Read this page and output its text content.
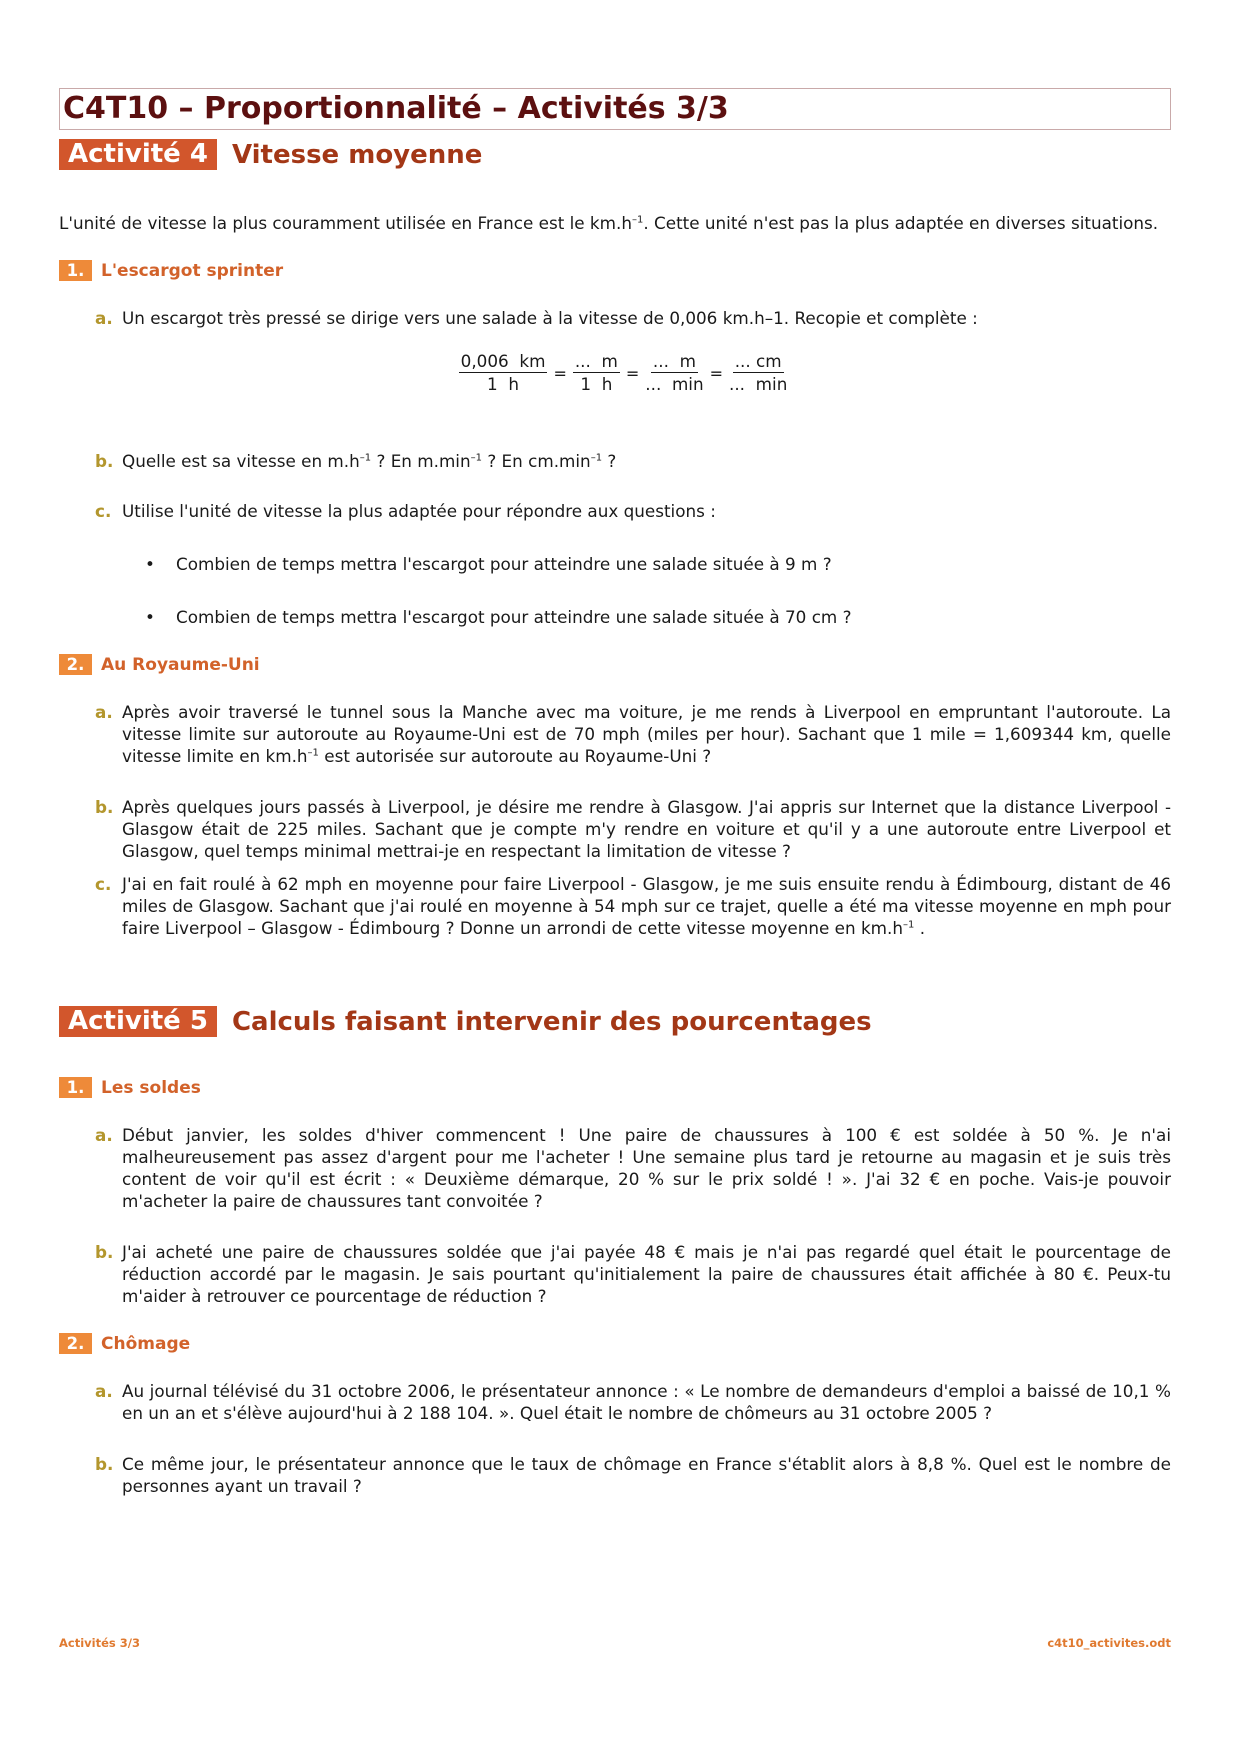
C4T10 – Proportionnalité – Activités 3/3
Activité 4 Vitesse moyenne

L'unité de vitesse la plus couramment utilisée en France est le $km.h^{-1}$. Cette unité n'est pas la plus adaptée en diverses situations.

1. L'escargot sprinter
a. Un escargot très pressé se dirige vers une salade à la vitesse de 0,006 km.h–1. Recopie et complète :
$\frac{0,006 km}{1 h} = \frac{... m}{1 h} = \frac{... m}{... \min} = \frac{... cm}{... \min}$
b. Quelle est sa vitesse en $m.h^{-1}$ ? En $m.\min^{-1}$ ? En $cm.\min^{-1}$ ?
c. Utilise l'unité de vitesse la plus adaptée pour répondre aux questions :
•	Combien de temps mettra l'escargot pour atteindre une salade située à 9 m ?
•	Combien de temps mettra l'escargot pour atteindre une salade située à 70 cm ?
2. Au Royaume-Uni
a. Après avoir traversé le tunnel sous la Manche avec ma voiture, je me rends à Liverpool en empruntant l'autoroute. La vitesse limite sur autoroute au Royaume-Uni est de 70 mph (miles per hour). Sachant que 1 mile = 1,609344 km, quelle vitesse limite en $km.h^{-1}$ est autorisée sur autoroute au Royaume-Uni ?
b. Après quelques jours passés à Liverpool, je désire me rendre à Glasgow. J'ai appris sur Internet que la distance Liverpool - Glasgow était de 225 miles. Sachant que je compte m'y rendre en voiture et qu'il y a une autoroute entre Liverpool et Glasgow, quel temps minimal mettrai-je en respectant la limitation de vitesse ?
c. J'ai en fait roulé à 62 mph en moyenne pour faire Liverpool - Glasgow, je me suis ensuite rendu à Édimbourg, distant de 46 miles de Glasgow. Sachant que j'ai roulé en moyenne à 54 mph sur ce trajet, quelle a été ma vitesse moyenne en mph pour faire Liverpool – Glasgow - Édimbourg ? Donne un arrondi de cette vitesse moyenne en $km.h^{-1}$ .
Activité 5 Calculs faisant intervenir des pourcentages
1. Les soldes
a. Début janvier, les soldes d'hiver commencent ! Une paire de chaussures à 100 € est soldée à 50 %. Je n'ai malheureusement pas assez d'argent pour me l'acheter ! Une semaine plus tard je retourne au magasin et je suis très content de voir qu'il est écrit : « Deuxième démarque, 20 % sur le prix soldé ! ». J'ai 32 € en poche. Vais-je pouvoir m'acheter la paire de chaussures tant convoitée ?
b. J'ai acheté une paire de chaussures soldée que j'ai payée 48 € mais je n'ai pas regardé quel était le pourcentage de réduction accordé par le magasin. Je sais pourtant qu'initialement la paire de chaussures était affichée à 80 €. Peux-tu m'aider à retrouver ce pourcentage de réduction ?
2. Chômage
a. Au journal télévisé du 31 octobre 2006, le présentateur annonce : « Le nombre de demandeurs d'emploi a baissé de 10,1 % en un an et s'élève aujourd'hui à 2 188 104. ». Quel était le nombre de chômeurs au 31 octobre 2005 ?
b. Ce même jour, le présentateur annonce que le taux de chômage en France s'établit alors à 8,8 %. Quel est le nombre de personnes ayant un travail ?
Activités 3/3	c4t10_activites.odt
